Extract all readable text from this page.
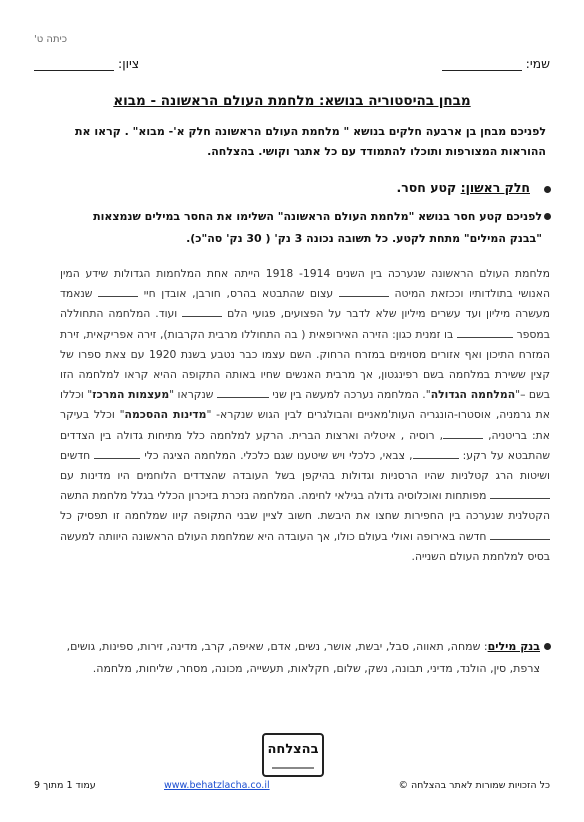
כיתה ט'
שמי:
ציון:
מבחן בהיסטוריה בנושא: מלחמת העולם הראשונה - מבוא
לפניכם מבחן בן ארבעה חלקים בנושא " מלחמת העולם הראשונה חלק א'- מבוא" . קראו את ההוראות המצורפות ותוכלו להתמודד עם כל אתגר וקושי. בהצלחה.
חלק ראשון: קטע חסר.
לפניכם קטע חסר בנושא "מלחמת העולם הראשונה" השלימו את החסר במילים שנמצאות "בבנק המילים" מתחת לקטע. כל תשובה נכונה 3 נק' ( 30 נק' סה"כ).
מלחמת העולם הראשונה שנערכה בין השנים 1914- 1918 הייתה אחת המלחמות הגדולות שידע המין האנושי בתולדותיו וככזאת המיטה  עצום שהתבטא בהרס, חורבן, אובדן חיי  שנאמד מעשרה מיליון ועד עשרים מיליון שלא לדבר על הפצועים, פגועי הלם  ועוד. המלחמה התחוללה במספר  בו זמנית כגון: הזירה האירופאית ( בה התחוללו מרבית הקרבות), זירה אפריקאית, זירת המזרח התיכון ואף אזורים מסוימים במזרח הרחוק. השם עצמו כבר נטבע בשנת 1920 עם צאת ספרו של קצין ששירת במלחמה בשם רפינגטון, אך מרבית האנשים שחיו באותה התקופה ההיא קראו למלחמה הזו בשם –"המלחמה הגדולה". המלחמה נערכה למעשה בין שני  שנקראו "מעצמות המרכז" וכללו את גרמניה, אוסטרו-הונגריה העות'מאניים והבולגרים לבין הגוש שנקרא- "מדינות ההסכמה" וכלל בעיקר את: בריטניה, , רוסיה , איטליה וארצות הברית. הרקע למלחמה כלל מתיחות גדולה בין הצדדים שהתבטא על רקע: , צבאי, כלכלי ויש שיטענו שגם כלכלי. המלחמה הציגה כלי  חדשים ושיטות הרג קטלניות שהיו הרסניות וגדולות בהיקפן בשל העובדה שהצדדים הלוחמים היו מדינות עם  מפותחות ואוכלוסיה גדולה בגילאי לחימה. המלחמה נזכרת בזיכרון הכללי בגלל מלחמת התשה הקטלנית שנערכה בין החפירות שחצו את היבשת. חשוב לציין שבני התקופה קיוו שמלחמה זו תפסיק כל  חדשה באירופה ואולי בעולם כולו, אך העובדה היא שמלחמת העולם הראשונה היוותה למעשה בסיס למלחמת העולם השנייה.
בנק מילים: שמחה, תאווה, סבל, יבשת, אושר, נשים, אדם, שאיפה, קרב, מדינה, זירות, ספינות, גושים, צרפת, סין, הולנד, מדיני, תבונה, נשק, שלום, חקלאות, תעשייה, מכונה, מסחר, שליחות, מלחמה.
בהצלחה
כל הזכויות שמורות לאתר בהצלחה ©
www.behatzlacha.co.il
עמוד 1 מתוך 9
